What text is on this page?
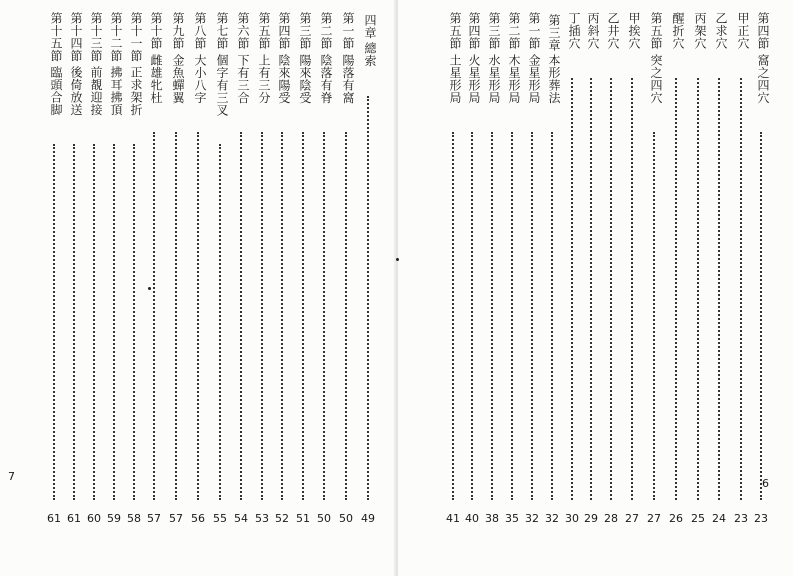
第十五節
臨頭合脚
61
第十四節
後倚放送
61
第十三節
前覩迎接
60
第十二節
拂耳拂頂
59
第十一節
正求架折
58
第十節
雌雄牝杜
57
第九節
金魚蟬翼
57
第八節
大小八字
56
第七節
個字有三叉
55
第六節
下有三合
54
第五節
上有三分
53
第四節
陰來陽受
52
第三節
陽來陰受
51
第二節
陰落有脊
50
第一節
陽落有窩
50
四章
總索
49
7
第五節
土星形局
41
第四節
火星形局
40
第三節
水星形局
38
第二節
木星形局
35
第一節
金星形局
32
第三章
本形葬法
32
丁插穴
30
丙斜穴
29
乙井穴
28
甲挨穴
27
第五節
突之四穴
27
醒折穴
26
丙架穴
25
乙求穴
24
甲正穴
23
第四節
窩之四穴
23
6
